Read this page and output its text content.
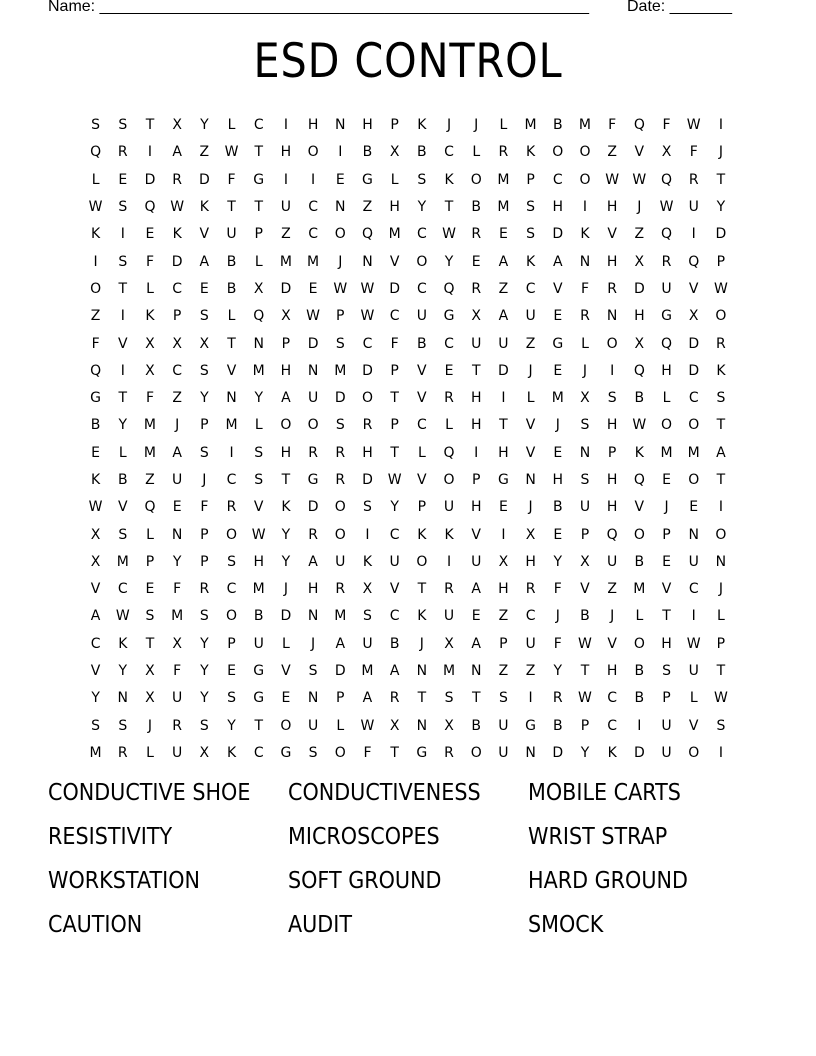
Name: _______________________________________________________ Date: _______
ESD CONTROL
S	S	T	X	Y	L	C	I	H	N	H	P	K	J	J	L	M	B	M	F	Q	F	W	I
Q	R	I	A	Z	W	T	H	O	I	B	X	B	C	L	R	K	O	O	Z	V	X	F	J
L	E	D	R	D	F	G	I	I	E	G	L	S	K	O	M	P	C	O	W W	Q	R	T
W	S	Q	W	K	T	T	U	C	N	Z	H	Y	T	B	M	S	H	I	H	J	W	U	Y
K	I	E	K	V	U	P	Z	C	O	Q	M	C	W	R	E	S	D	K	V	Z	Q	I	D
I	S	F	D	A	B	L	M	M	J	N	V	O	Y	E	A	K	A	N	H	X	R	Q	P
O	T	L	C	E	B	X	D	E	W W	D	C	Q	R	Z	C	V	F	R	D	U	V	W
Z	I	K	P	S	L	Q	X	W	P	W	C	U	G	X	A	U	E	R	N	H	G	X	O
F	V	X	X	X	T	N	P	D	S	C	F	B	C	U	U	Z	G	L	O	X	Q	D	R
Q	I	X	C	S	V	M	H	N	M	D	P	V	E	T	D	J	E	J	I	Q	H	D	K
G	T	F	Z	Y	N	Y	A	U	D	O	T	V	R	H	I	L	M	X	S	B	L	C	S
B	Y	M	J	P	M	L	O	O	S	R	P	C	L	H	T	V	J	S	H	W	O	O	T
E	L	M	A	S	I	S	H	R	R	H	T	L	Q	I	H	V	E	N	P	K	M	M	A
K	B	Z	U	J	C	S	T	G	R	D	W	V	O	P	G	N	H	S	H	Q	E	O	T
W	V	Q	E	F	R	V	K	D	O	S	Y	P	U	H	E	J	B	U	H	V	J	E	I
X	S	L	N	P	O	W	Y	R	O	I	C	K	K	V	I	X	E	P	Q	O	P	N	O
X	M	P	Y	P	S	H	Y	A	U	K	U	O	I	U	X	H	Y	X	U	B	E	U	N
V	C	E	F	R	C	M	J	H	R	X	V	T	R	A	H	R	F	V	Z	M	V	C	J
A	W	S	M	S	O	B	D	N	M	S	C	K	U	E	Z	C	J	B	J	L	T	I	L
C	K	T	X	Y	P	U	L	J	A	U	B	J	X	A	P	U	F	W	V	O	H	W	P
V	Y	X	F	Y	E	G	V	S	D	M	A	N	M	N	Z	Z	Y	T	H	B	S	U	T
Y	N	X	U	Y	S	G	E	N	P	A	R	T	S	T	S	I	R	W	C	B	P	L	W
S	S	J	R	S	Y	T	O	U	L	W	X	N	X	B	U	G	B	P	C	I	U	V	S
M	R	L	U	X	K	C	G	S	O	F	T	G	R	O	U	N	D	Y	K	D	U	O	I
CONDUCTIVE SHOE	CONDUCTIVENESS	MOBILE CARTS
RESISTIVITY	MICROSCOPES	WRIST STRAP
WORKSTATION	SOFT GROUND	HARD GROUND
CAUTION	AUDIT	SMOCK
